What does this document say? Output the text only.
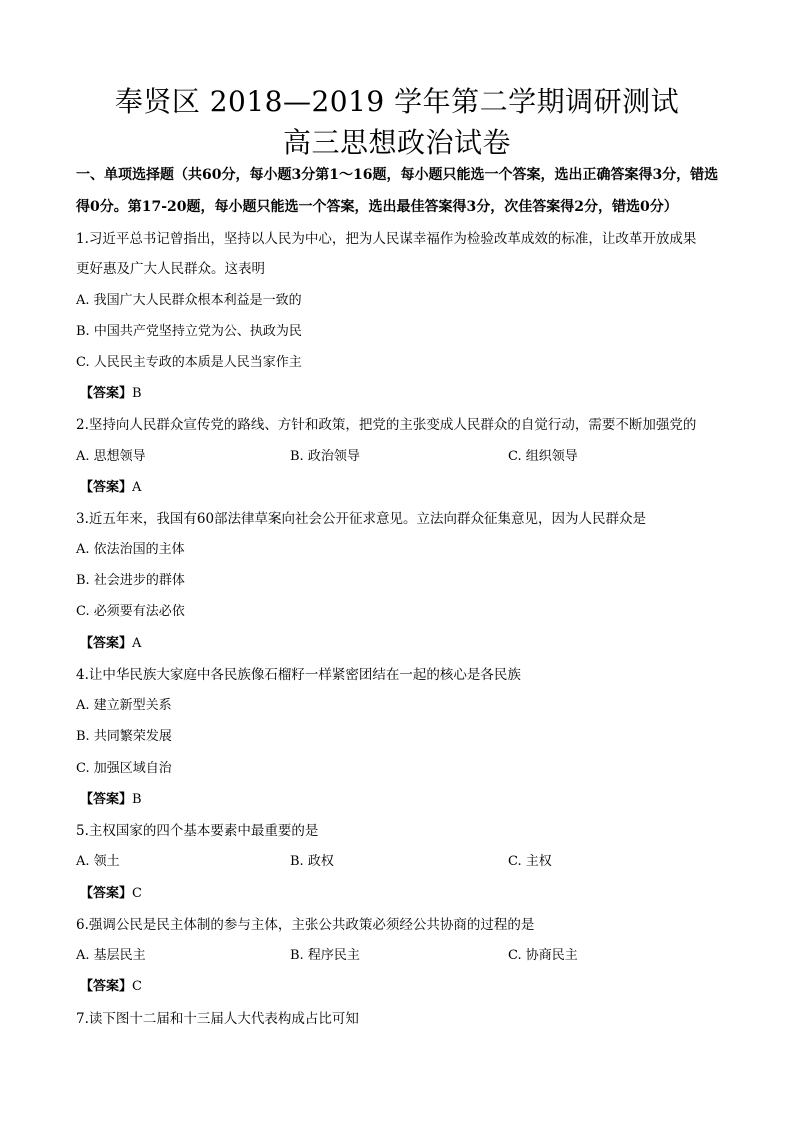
奉贤区 2018—2019 学年第二学期调研测试
高三思想政治试卷
一、单项选择题（共60分，每小题3分第1～16题，每小题只能选一个答案，选出正确答案得3分，错选
得0分。第17-20题，每小题只能选一个答案，选出最佳答案得3分，次佳答案得2分，错选0分）
1.习近平总书记曾指出，坚持以人民为中心，把为人民谋幸福作为检验改革成效的标准，让改革开放成果
更好惠及广大人民群众。这表明
A. 我国广大人民群众根本利益是一致的
B. 中国共产党坚持立党为公、执政为民
C. 人民民主专政的本质是人民当家作主
【答案】B
2.坚持向人民群众宣传党的路线、方针和政策，把党的主张变成人民群众的自觉行动，需要不断加强党的
A. 思想领导	B. 政治领导	C. 组织领导
【答案】A
3.近五年来，我国有60部法律草案向社会公开征求意见。立法向群众征集意见，因为人民群众是
A. 依法治国的主体
B. 社会进步的群体
C. 必须要有法必依
【答案】A
4.让中华民族大家庭中各民族像石榴籽一样紧密团结在一起的核心是各民族
A. 建立新型关系
B. 共同繁荣发展
C. 加强区域自治
【答案】B
5.主权国家的四个基本要素中最重要的是
A. 领土	B. 政权	C. 主权
【答案】C
6.强调公民是民主体制的参与主体，主张公共政策必须经公共协商的过程的是
A. 基层民主	B. 程序民主	C. 协商民主
【答案】C
7.读下图十二届和十三届人大代表构成占比可知
